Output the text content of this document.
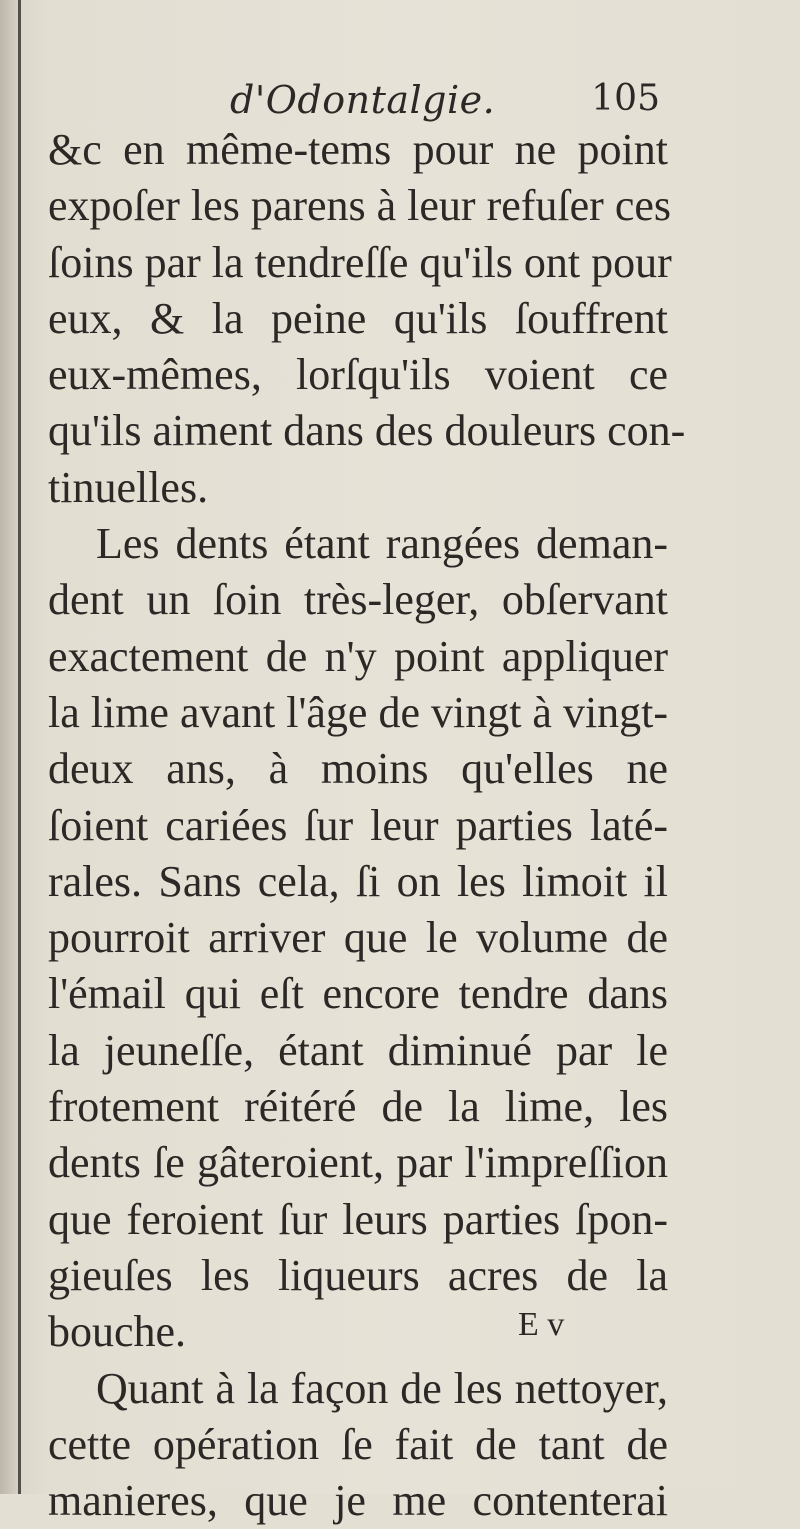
d'Odontalgie.	105
&c en même-tems pour ne point
expoſer les parens à leur refuſer ces
ſoins par la tendreſſe qu'ils ont pour
eux, & la peine qu'ils ſouffrent
eux-mêmes, lorſqu'ils voient ce
qu'ils aiment dans des douleurs con-
tinuelles.
Les dents étant rangées deman-
dent un ſoin très-leger, obſervant
exactement de n'y point appliquer
la lime avant l'âge de vingt à vingt-
deux ans, à moins qu'elles ne
ſoient cariées ſur leur parties laté-
rales. Sans cela, ſi on les limoit il
pourroit arriver que le volume de
l'émail qui eſt encore tendre dans
la jeuneſſe, étant diminué par le
frotement réitéré de la lime, les
dents ſe gâteroient, par l'impreſſion
que feroient ſur leurs parties ſpon-
gieuſes les liqueurs acres de la
bouche.
Quant à la façon de les nettoyer,
cette opération ſe fait de tant de
manieres, que je me contenterai
E v
